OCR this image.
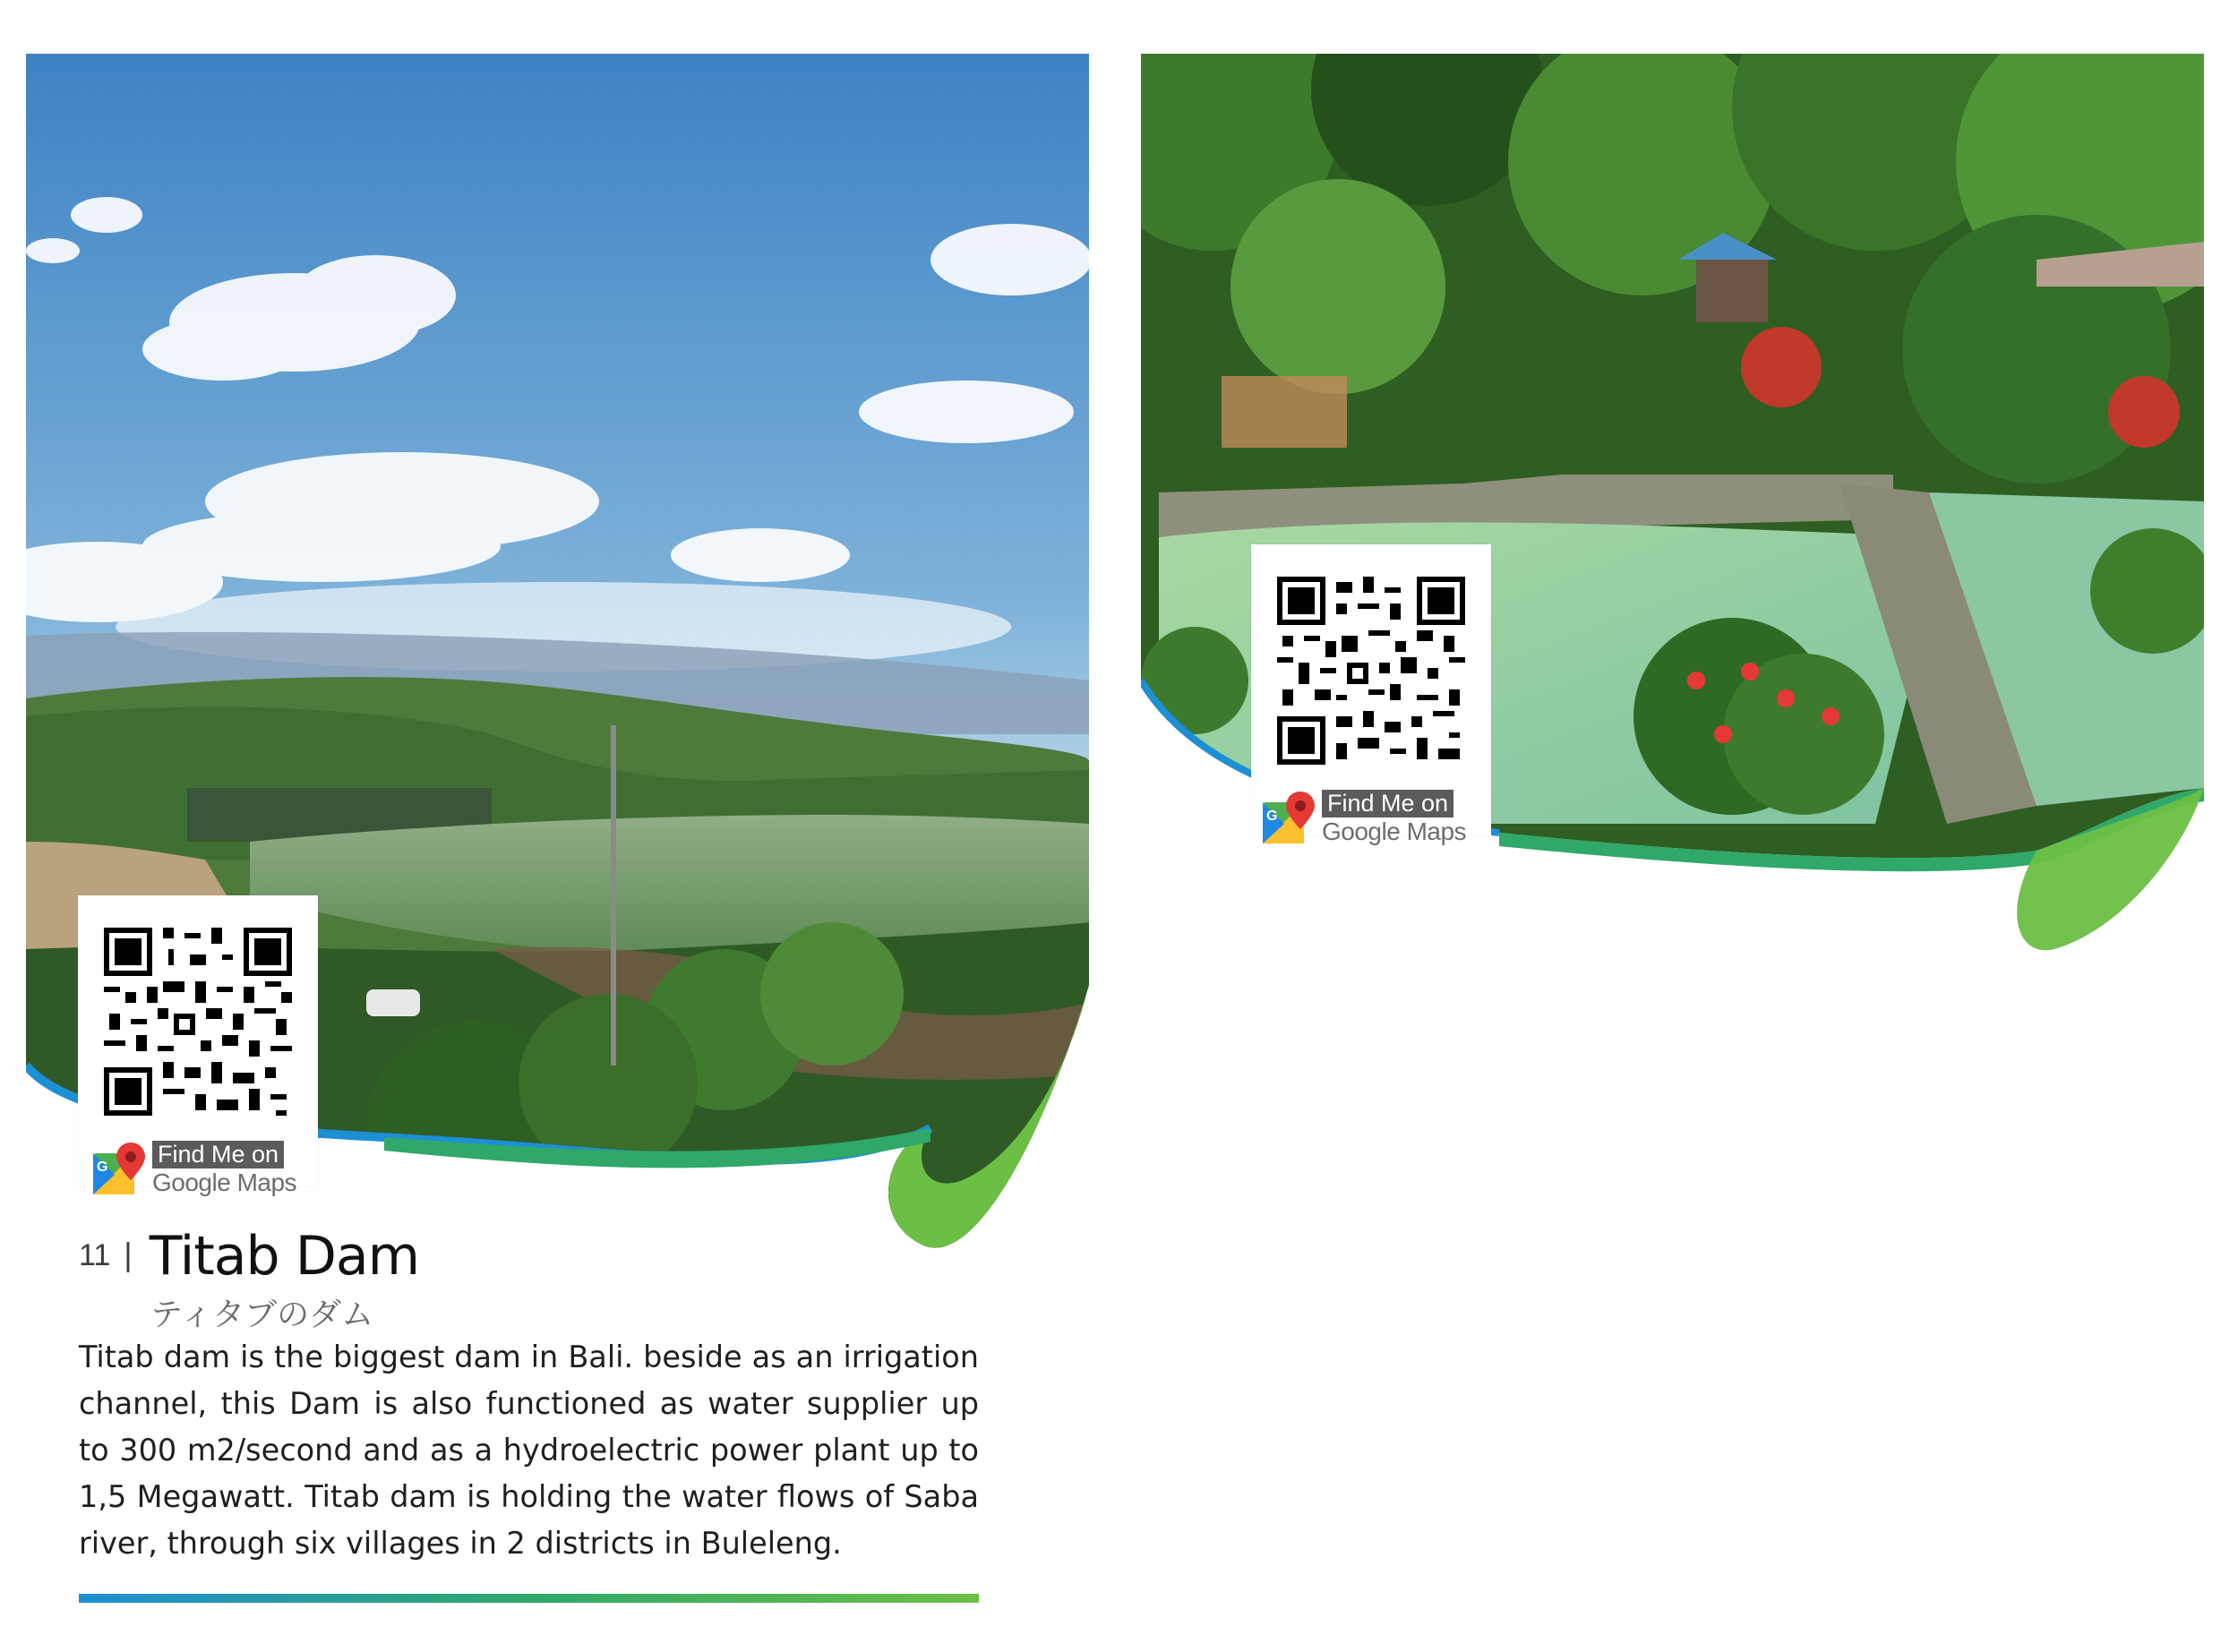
G Find Me on
Google Maps
11 | Titab Dam
ティタブのダム
Titab dam is the biggest dam in Bali. beside as an irrigation channel, this Dam is also functioned as water supplier up to 300 m2/second and as a hydroelectric power plant up to 1,5 Megawatt. Titab dam is holding the water flows of Saba river, through six villages in 2 districts in Buleleng.
G Find Me on
Google Maps
